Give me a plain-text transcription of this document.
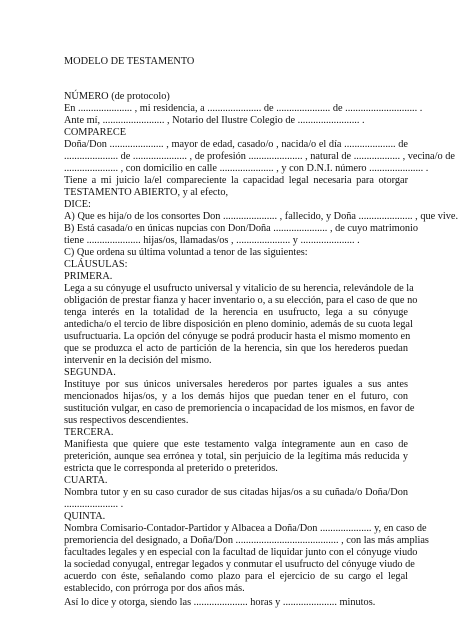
MODELO DE TESTAMENTO
NÚMERO (de protocolo)
En ..................... , mi residencia, a ..................... de ..................... de ............................ .
Ante mí, ........................ , Notario del Ilustre Colegio de ........................ .
COMPARECE
Doña/Don ..................... , mayor de edad, casado/o , nacida/o el día .................... de
..................... de ..................... , de profesión ..................... , natural de .................. , vecina/o de
..................... , con domicilio en calle ..................... , y con D.N.I. número ..................... .
Tiene a mi juicio la/el compareciente la capacidad legal necesaria para otorgar
TESTAMENTO ABIERTO, y al efecto,
DICE:
A) Que es hija/o de los consortes Don ..................... , fallecido, y Doña ..................... , que vive.
B) Está casada/o en únicas nupcias con Don/Doña ..................... , de cuyo matrimonio
tiene ..................... hijas/os, llamadas/os , ..................... y ..................... .
C) Que ordena su última voluntad a tenor de las siguientes:
CLÁUSULAS:
PRIMERA.
Lega a su cónyuge el usufructo universal y vitalicio de su herencia, relevándole de la
obligación de prestar fianza y hacer inventario o, a su elección, para el caso de que no
tenga interés en la totalidad de la herencia en usufructo, lega a su cónyuge
antedicha/o el tercio de libre disposición en pleno dominio, además de su cuota legal
usufructuaria. La opción del cónyuge se podrá producir hasta el mismo momento en
que se produzca el acto de partición de la herencia, sin que los herederos puedan
intervenir en la decisión del mismo.
SEGUNDA.
Instituye por sus únicos universales herederos por partes iguales a sus antes
mencionados hijas/os, y a los demás hijos que puedan tener en el futuro, con
sustitución vulgar, en caso de premoriencia o incapacidad de los mismos, en favor de
sus respectivos descendientes.
TERCERA.
Manifiesta que quiere que este testamento valga íntegramente aun en caso de
preterición, aunque sea errónea y total, sin perjuicio de la legítima más reducida y
estricta que le corresponda al preterido o preteridos.
CUARTA.
Nombra tutor y en su caso curador de sus citadas hijas/os a su cuñada/o Doña/Don
..................... .
QUINTA.
Nombra Comisario-Contador-Partidor y Albacea a Doña/Don .................... y, en caso de
premoriencia del designado, a Doña/Don ........................................ , con las más amplias
facultades legales y en especial con la facultad de liquidar junto con el cónyuge viudo
la sociedad conyugal, entregar legados y conmutar el usufructo del cónyuge viudo de
acuerdo con éste, señalando como plazo para el ejercicio de su cargo el legal
establecido, con prórroga por dos años más.
Así lo dice y otorga, siendo las ..................... horas y ..................... minutos.
